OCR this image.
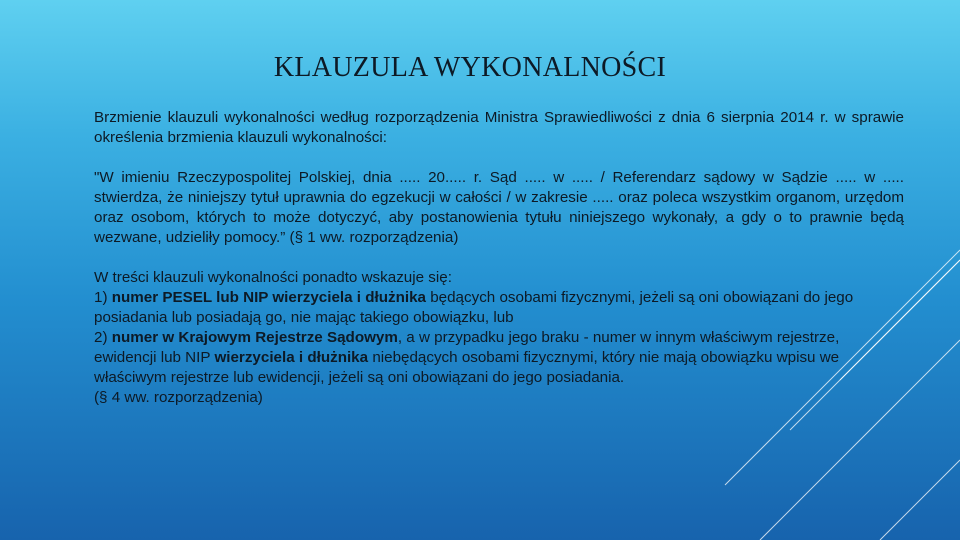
KLAUZULA WYKONALNOŚCI

Brzmienie klauzuli wykonalności według rozporządzenia Ministra Sprawiedliwości z dnia 6 sierpnia 2014 r. w sprawie określenia brzmienia klauzuli wykonalności:

"W imieniu Rzeczypospolitej Polskiej, dnia ..... 20..... r. Sąd ..... w ..... / Referendarz sądowy w Sądzie ..... w ..... stwierdza, że niniejszy tytuł uprawnia do egzekucji w całości / w zakresie ..... oraz poleca wszystkim organom, urzędom oraz osobom, których to może dotyczyć, aby postanowienia tytułu niniejszego wykonały, a gdy o to prawnie będą wezwane, udzieliły pomocy.” (§ 1 ww. rozporządzenia)

W treści klauzuli wykonalności ponadto wskazuje się:
1) numer PESEL lub NIP wierzyciela i dłużnika będących osobami fizycznymi, jeżeli są oni obowiązani do jego posiadania lub posiadają go, nie mając takiego obowiązku, lub
2) numer w Krajowym Rejestrze Sądowym, a w przypadku jego braku - numer w innym właściwym rejestrze, ewidencji lub NIP wierzyciela i dłużnika niebędących osobami fizycznymi, który nie mają obowiązku wpisu we właściwym rejestrze lub ewidencji, jeżeli są oni obowiązani do jego posiadania.
(§ 4 ww. rozporządzenia)
